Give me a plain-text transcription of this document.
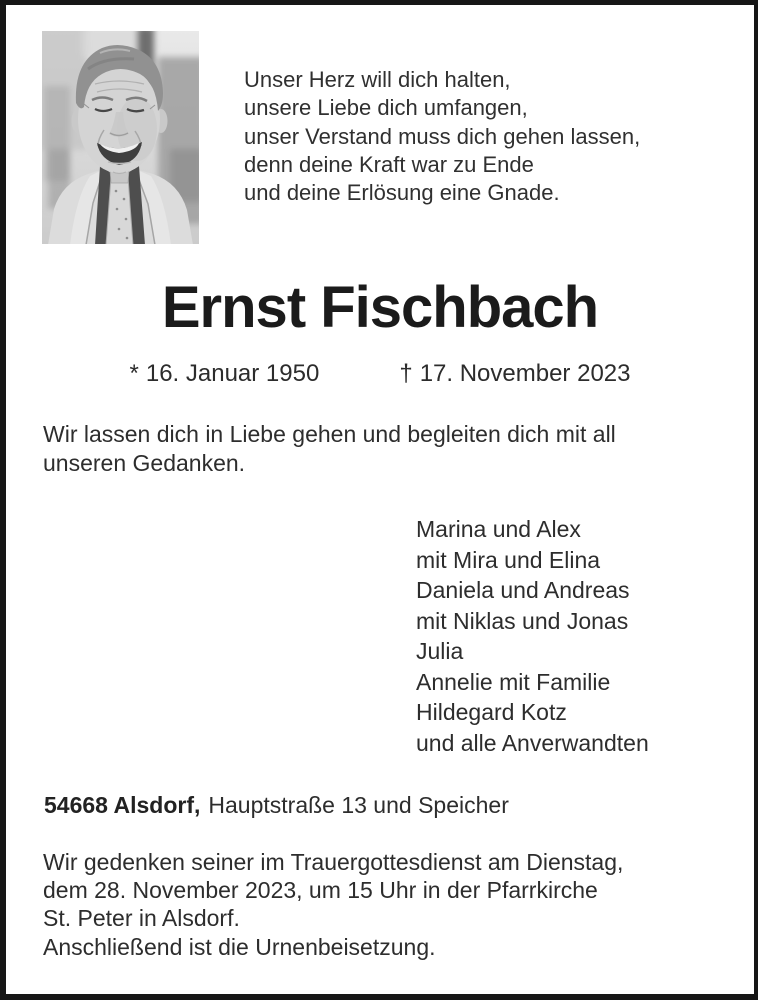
Unser Herz will dich halten,
unsere Liebe dich umfangen,
unser Verstand muss dich gehen lassen,
denn deine Kraft war zu Ende
und deine Erlösung eine Gnade.
Ernst Fischbach
* 16. Januar 1950	† 17. November 2023
Wir lassen dich in Liebe gehen und begleiten dich mit all
unseren Gedanken.
Marina und Alex
mit Mira und Elina
Daniela und Andreas
mit Niklas und Jonas
Julia
Annelie mit Familie
Hildegard Kotz
und alle Anverwandten
54668 Alsdorf, Hauptstraße 13 und Speicher
Wir gedenken seiner im Trauergottesdienst am Dienstag,
dem 28. November 2023, um 15 Uhr in der Pfarrkirche
St. Peter in Alsdorf.
Anschließend ist die Urnenbeisetzung.
